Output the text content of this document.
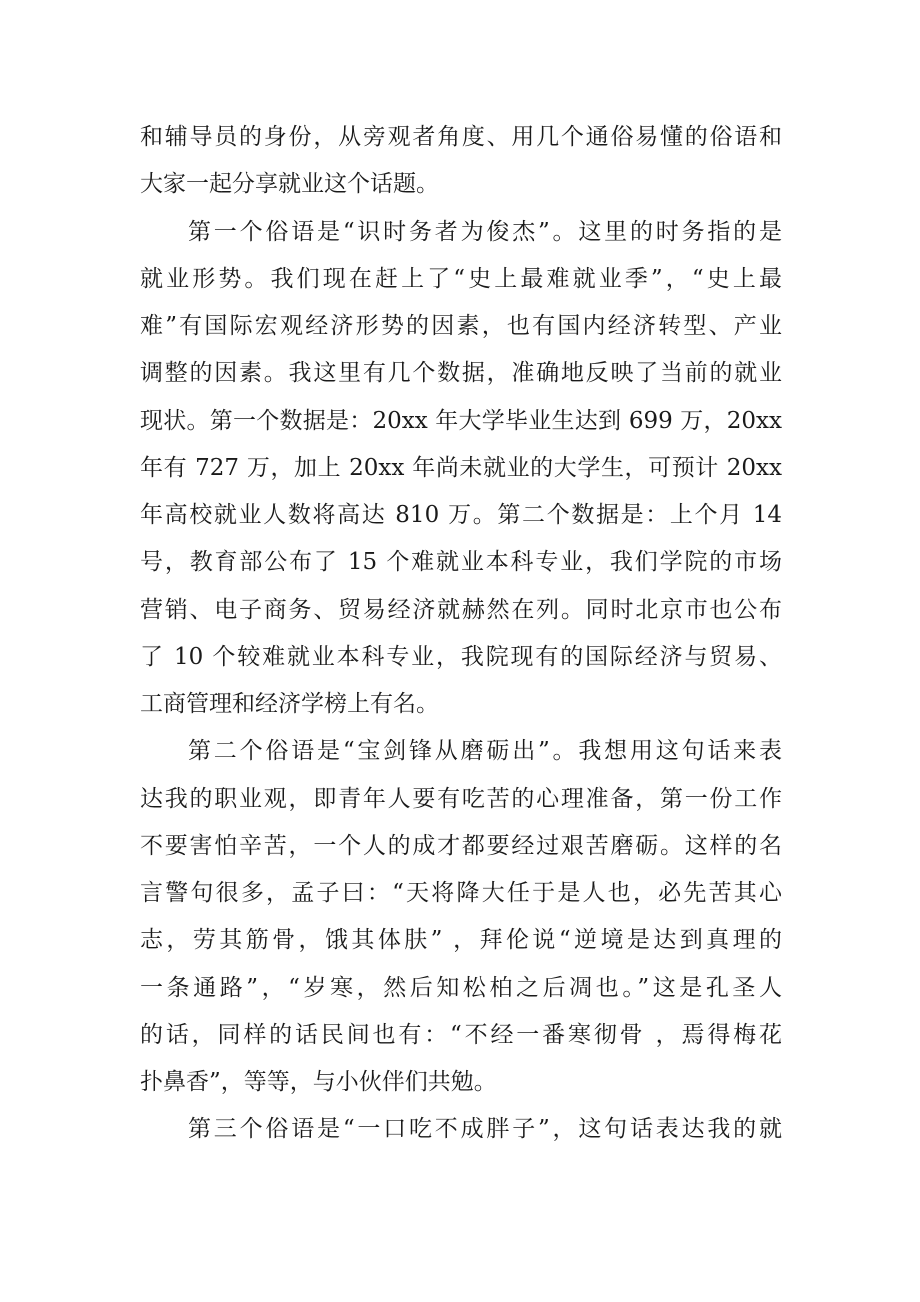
和辅导员的身份，从旁观者角度、用几个通俗易懂的俗语和
大家一起分享就业这个话题。
第一个俗语是“识时务者为俊杰”。这里的时务指的是
就业形势。我们现在赶上了“史上最难就业季”，“史上最
难”有国际宏观经济形势的因素，也有国内经济转型、产业
调整的因素。我这里有几个数据，准确地反映了当前的就业
现状。第一个数据是：20xx 年大学毕业生达到 699 万，20xx
年有 727 万，加上 20xx 年尚未就业的大学生，可预计 20xx
年高校就业人数将高达 810 万。第二个数据是：上个月 14
号，教育部公布了 15 个难就业本科专业，我们学院的市场
营销、电子商务、贸易经济就赫然在列。同时北京市也公布
了 10 个较难就业本科专业，我院现有的国际经济与贸易、
工商管理和经济学榜上有名。
第二个俗语是“宝剑锋从磨砺出”。我想用这句话来表
达我的职业观，即青年人要有吃苦的心理准备，第一份工作
不要害怕辛苦，一个人的成才都要经过艰苦磨砺。这样的名
言警句很多，孟子曰：“天将降大任于是人也，必先苦其心
志，劳其筋骨，饿其体肤” ，拜伦说“逆境是达到真理的
一条通路”，“岁寒，然后知松柏之后凋也。”这是孔圣人
的话，同样的话民间也有：“不经一番寒彻骨 ，焉得梅花
扑鼻香”，等等，与小伙伴们共勉。
第三个俗语是“一口吃不成胖子”，这句话表达我的就
